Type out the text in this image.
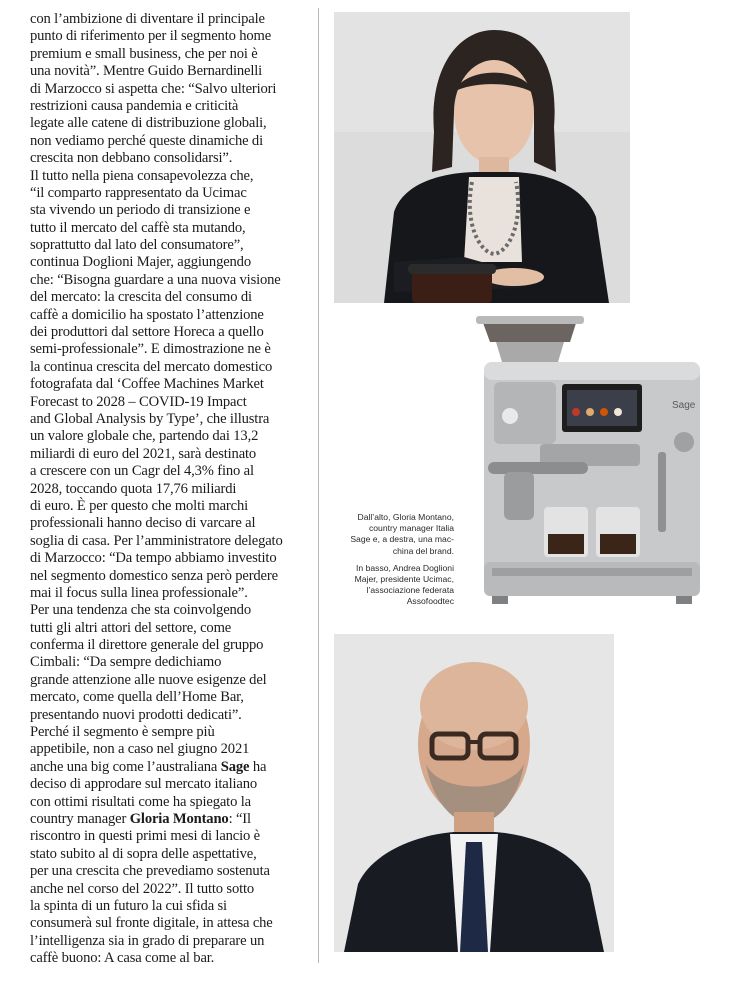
con l’ambizione di diventare il principale
punto di riferimento per il segmento home
premium e small business, che per noi è
una novità”. Mentre Guido Bernardinelli
di Marzocco si aspetta che: “Salvo ulteriori
restrizioni causa pandemia e criticità
legate alle catene di distribuzione globali,
non vediamo perché queste dinamiche di
crescita non debbano consolidarsi”.
Il tutto nella piena consapevolezza che,
“il comparto rappresentato da Ucimac
sta vivendo un periodo di transizione e
tutto il mercato del caffè sta mutando,
soprattutto dal lato del consumatore”,
continua Doglioni Majer, aggiungendo
che: “Bisogna guardare a una nuova visione
del mercato: la crescita del consumo di
caffè a domicilio ha spostato l’attenzione
dei produttori dal settore Horeca a quello
semi-professionale”. E dimostrazione ne è
la continua crescita del mercato domestico
fotografata dal ‘Coffee Machines Market
Forecast to 2028 – COVID-19 Impact
and Global Analysis by Type’, che illustra
un valore globale che, partendo dai 13,2
miliardi di euro del 2021, sarà destinato
a crescere con un Cagr del 4,3% fino al
2028, toccando quota 17,76 miliardi
di euro. È per questo che molti marchi
professionali hanno deciso di varcare al
soglia di casa. Per l’amministratore delegato
di Marzocco: “Da tempo abbiamo investito
nel segmento domestico senza però perdere
mai il focus sulla linea professionale”.
Per una tendenza che sta coinvolgendo
tutti gli altri attori del settore, come
conferma il direttore generale del gruppo
Cimbali: “Da sempre dedichiamo
grande attenzione alle nuove esigenze del
mercato, come quella dell’Home Bar,
presentando nuovi prodotti dedicati”.
Perché il segmento è sempre più
appetibile, non a caso nel giugno 2021
anche una big come l’australiana Sage ha
deciso di approdare sul mercato italiano
con ottimi risultati come ha spiegato la
country manager Gloria Montano: “Il
riscontro in questi primi mesi di lancio è
stato subito al di sopra delle aspettative,
per una crescita che prevediamo sostenuta
anche nel corso del 2022”. Il tutto sotto
la spinta di un futuro la cui sfida si
consumerà sul fronte digitale, in attesa che
l’intelligenza sia in grado di preparare un
caffè buono: A casa come al bar.
Sage
Dall’alto, Gloria Montano,
country manager Italia
Sage e, a destra, una mac-
china del brand.
In basso, Andrea Doglioni
Majer, presidente Ucimac,
l’associazione federata
Assofoodtec
